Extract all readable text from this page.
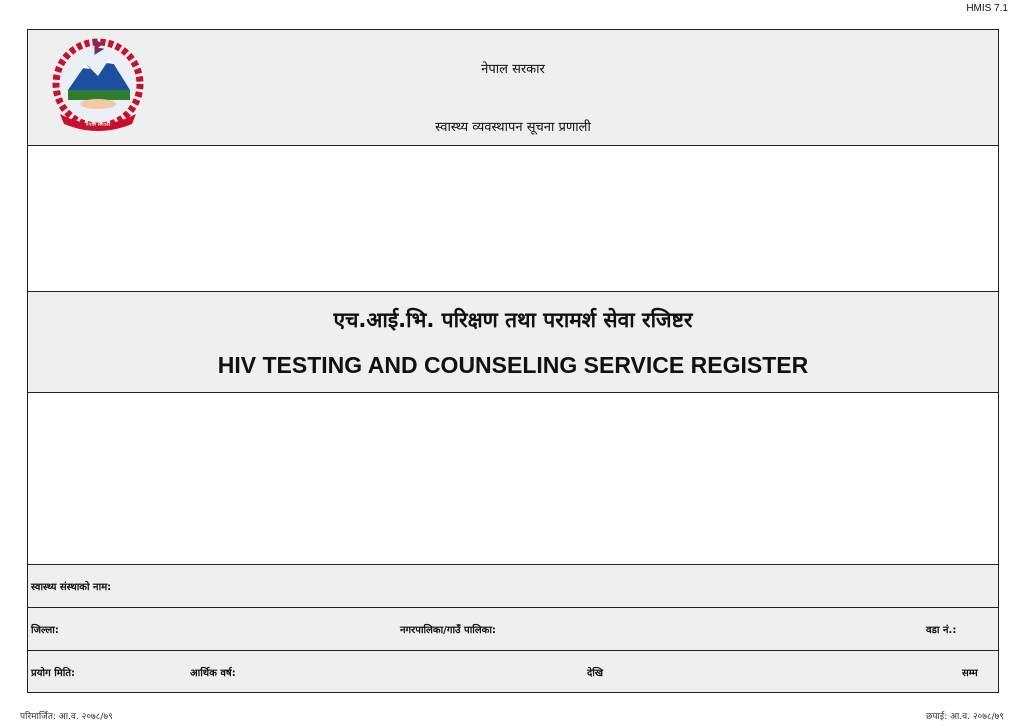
HMIS 7.1
नेपाल सरकार
नेपाल सरकार
स्वास्थ्य व्यवस्थापन सूचना प्रणाली
एच.आई.भि. परिक्षण तथा परामर्श सेवा रजिष्टर
HIV TESTING AND COUNSELING SERVICE REGISTER
स्वास्थ्य संस्थाको नाम:
जिल्ला:	नगरपालिका/गाउँ पालिका:	वडा नं.:
प्रयोग मिति:	आर्थिक वर्ष:	देखि	सम्म
परिमार्जित: आ.व. २०७८/७९	छपाई: आ.व. २०७८/७९
